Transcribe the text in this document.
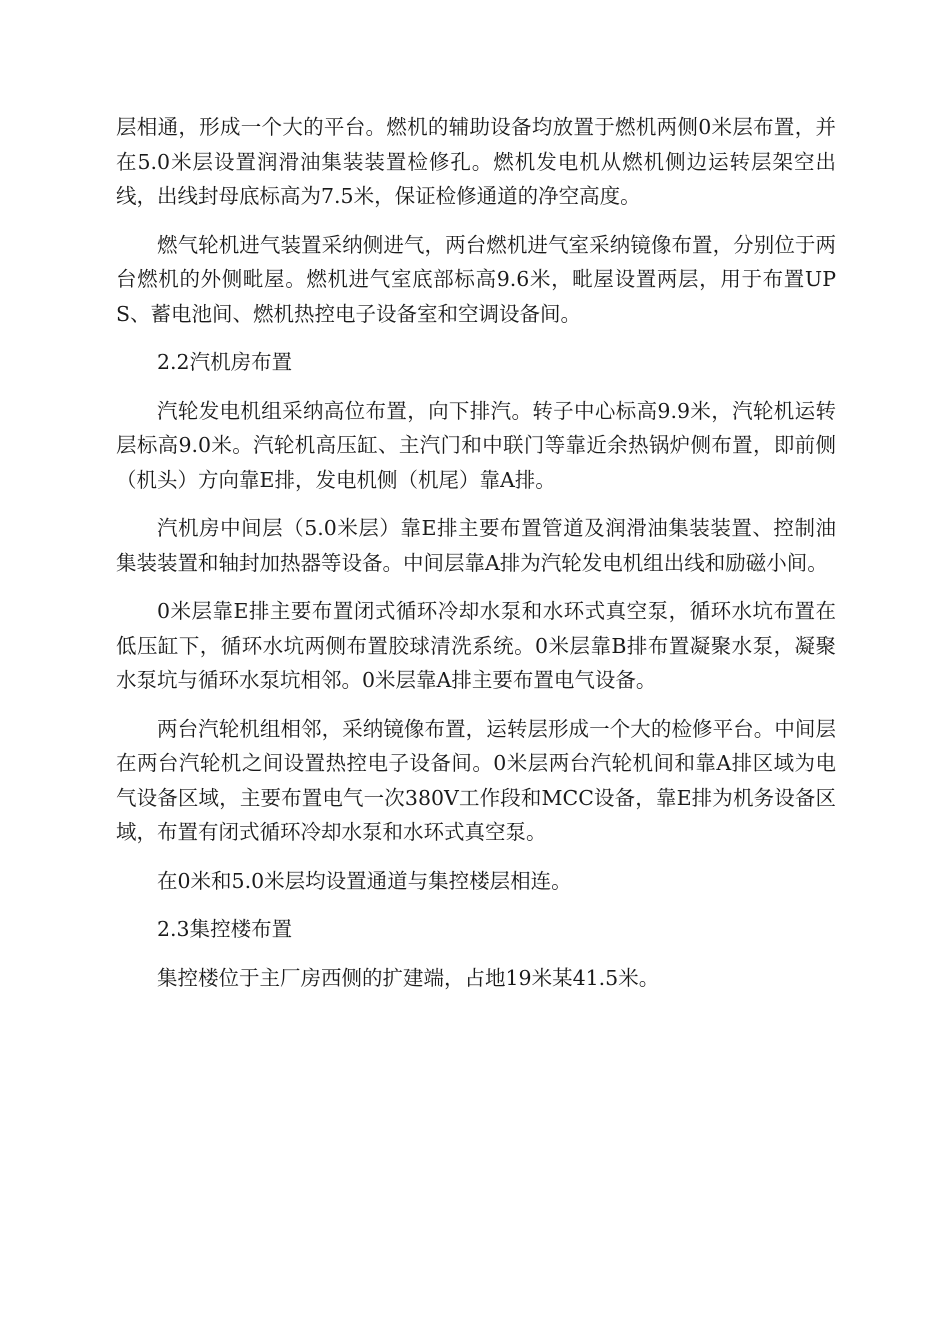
层相通，形成一个大的平台。燃机的辅助设备均放置于燃机两侧0米层布置，并在5.0米层设置润滑油集装装置检修孔。燃机发电机从燃机侧边运转层架空出线，出线封母底标高为7.5米，保证检修通道的净空高度。

燃气轮机进气装置采纳侧进气，两台燃机进气室采纳镜像布置，分别位于两台燃机的外侧毗屋。燃机进气室底部标高9.6米，毗屋设置两层，用于布置UPS、蓄电池间、燃机热控电子设备室和空调设备间。

2.2汽机房布置

汽轮发电机组采纳高位布置，向下排汽。转子中心标高9.9米，汽轮机运转层标高9.0米。汽轮机高压缸、主汽门和中联门等靠近余热锅炉侧布置，即前侧（机头）方向靠E排，发电机侧（机尾）靠A排。

汽机房中间层（5.0米层）靠E排主要布置管道及润滑油集装装置、控制油集装装置和轴封加热器等设备。中间层靠A排为汽轮发电机组出线和励磁小间。

0米层靠E排主要布置闭式循环冷却水泵和水环式真空泵，循环水坑布置在低压缸下，循环水坑两侧布置胶球清洗系统。0米层靠B排布置凝聚水泵，凝聚水泵坑与循环水泵坑相邻。0米层靠A排主要布置电气设备。

两台汽轮机组相邻，采纳镜像布置，运转层形成一个大的检修平台。中间层在两台汽轮机之间设置热控电子设备间。0米层两台汽轮机间和靠A排区域为电气设备区域，主要布置电气一次380V工作段和MCC设备，靠E排为机务设备区域，布置有闭式循环冷却水泵和水环式真空泵。

在0米和5.0米层均设置通道与集控楼层相连。

2.3集控楼布置

集控楼位于主厂房西侧的扩建端，占地19米某41.5米。
